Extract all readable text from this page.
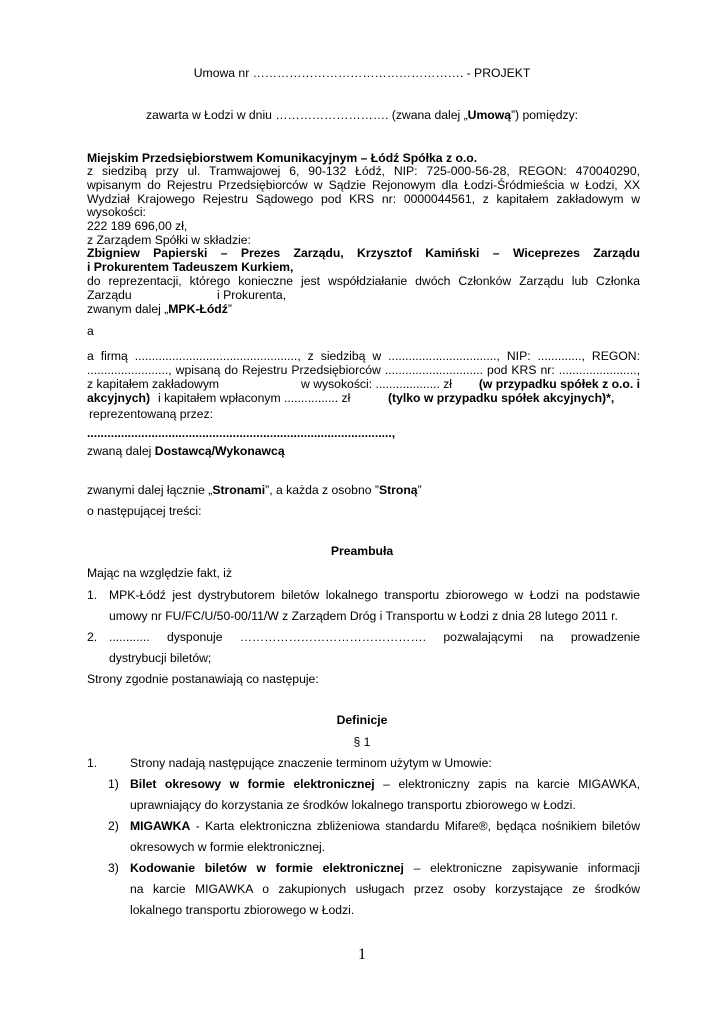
Umowa nr ……………………………………………. - PROJEKT
zawarta w Łodzi w dniu ………………………. (zwana dalej „Umową”) pomiędzy:
Miejskim Przedsiębiorstwem Komunikacyjnym – Łódź Spółka z o.o.
z siedzibą przy ul. Tramwajowej 6, 90-132 Łódź, NIP: 725-000-56-28, REGON: 470040290,
wpisanym do Rejestru Przedsiębiorców w Sądzie Rejonowym dla Łodzi-Śródmieścia w Łodzi, XX
Wydział Krajowego Rejestru Sądowego pod KRS nr: 0000044561, z kapitałem zakładowym w
wysokości:
222 189 696,00 zł,
z Zarządem Spółki w składzie:
Zbigniew Papierski – Prezes Zarządu, Krzysztof Kamiński – Wiceprezes Zarządu
i Prokurentem Tadeuszem Kurkiem,
do reprezentacji, którego konieczne jest współdziałanie dwóch Członków Zarządu lub Członka
Zarządu	i Prokurenta,
zwanym dalej „MPK-Łódź”
a
a firmą ................................................, z siedzibą w ................................, NIP: ............., REGON:
........................, wpisaną do Rejestru Przedsiębiorców ............................. pod KRS nr: .......................,
z kapitałem zakładowym	w wysokości: ................... zł (w przypadku spółek z o.o. i
akcyjnych) i kapitałem wpłaconym ................ zł	(tylko w przypadku spółek akcyjnych)*,
reprezentowaną przez:
..........................................................................................,
zwaną dalej Dostawcą/Wykonawcą
zwanymi dalej łącznie „Stronami”, a każda z osobno ”Stroną”
o następującej treści:
Preambuła
Mając na względzie fakt, iż
1. MPK-Łódź jest dystrybutorem biletów lokalnego transportu zbiorowego w Łodzi na podstawie
umowy nr FU/FC/U/50-00/11/W z Zarządem Dróg i Transportu w Łodzi z dnia 28 lutego 2011 r.
2. ............ dysponuje ………………………………………. pozwalającymi na prowadzenie
dystrybucji biletów;
Strony zgodnie postanawiają co następuje:
Definicje
§ 1
1.	Strony nadają następujące znaczenie terminom użytym w Umowie:
1) Bilet okresowy w formie elektronicznej – elektroniczny zapis na karcie MIGAWKA,
uprawniający do korzystania ze środków lokalnego transportu zbiorowego w Łodzi.
2) MIGAWKA - Karta elektroniczna zbliżeniowa standardu Mifare®, będąca nośnikiem biletów
okresowych w formie elektronicznej.
3) Kodowanie biletów w formie elektronicznej – elektroniczne zapisywanie informacji
na karcie MIGAWKA o zakupionych usługach przez osoby korzystające ze środków
lokalnego transportu zbiorowego w Łodzi.
1
